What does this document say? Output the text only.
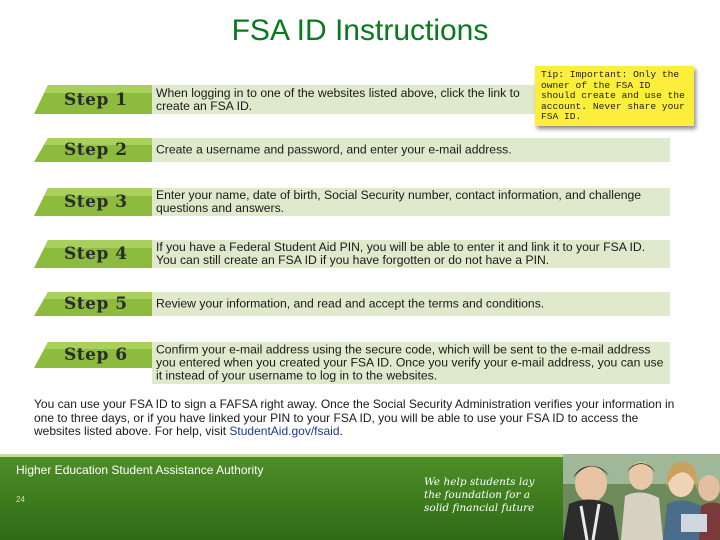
FSA ID Instructions
Step 1 When logging in to one of the websites listed above, click the link to create an FSA ID.
Step 2 Create a username and password, and enter your e-mail address.
Step 3 Enter your name, date of birth, Social Security number, contact information, and challenge questions and answers.
Step 4 If you have a Federal Student Aid PIN, you will be able to enter it and link it to your FSA ID. You can still create an FSA ID if you have forgotten or do not have a PIN.
Step 5 Review your information, and read and accept the terms and conditions.
Step 6 Confirm your e-mail address using the secure code, which will be sent to the e-mail address you entered when you created your FSA ID. Once you verify your e-mail address, you can use it instead of your username to log in to the websites.
Tip: Important: Only the owner of the FSA ID should create and use the account. Never share your FSA ID.
You can use your FSA ID to sign a FAFSA right away. Once the Social Security Administration verifies your information in one to three days, or if you have linked your PIN to your FSA ID, you will be able to use your FSA ID to access the websites listed above. For help, visit StudentAid.gov/fsaid.
Higher Education Student Assistance Authority
24
We help students lay the foundation for a solid financial future
